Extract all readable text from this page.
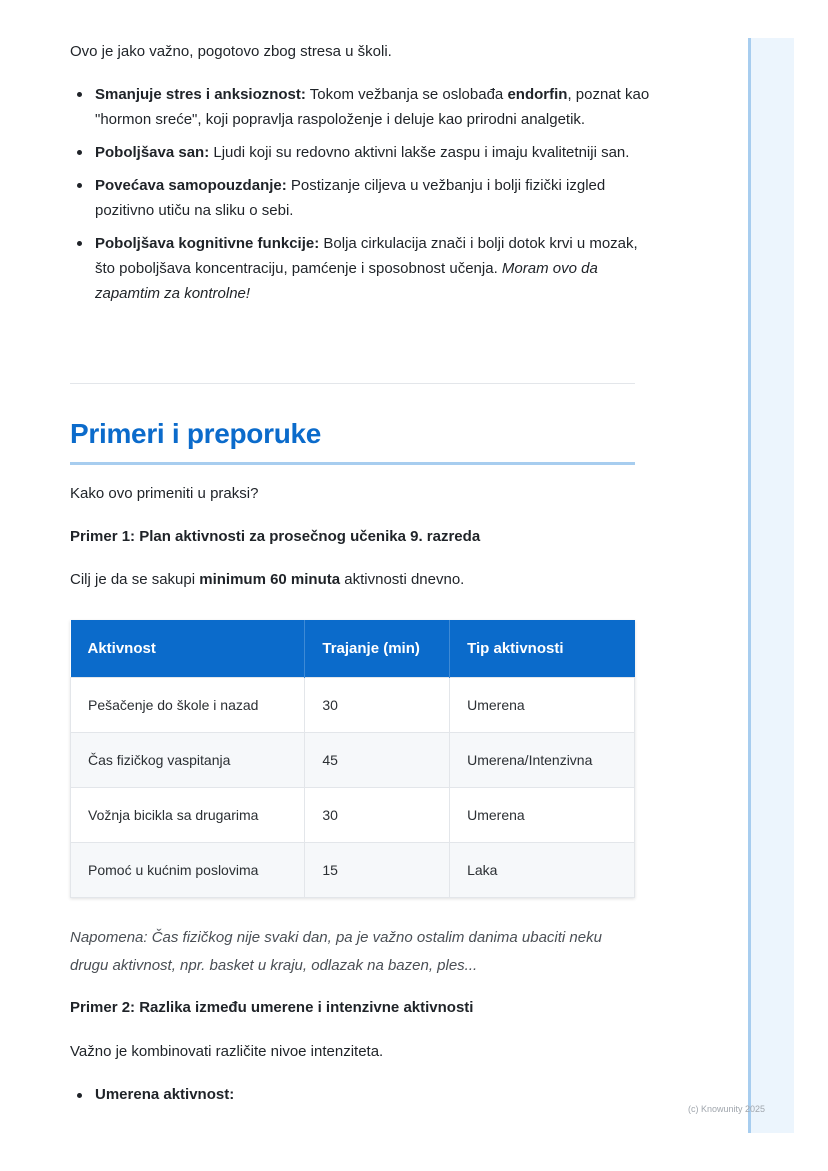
Ovo je jako važno, pogotovo zbog stresa u školi.

Smanjuje stres i anksioznost: Tokom vežbanja se oslobađa endorfin, poznat kao "hormon sreće", koji popravlja raspoloženje i deluje kao prirodni analgetik.
Poboljšava san: Ljudi koji su redovno aktivni lakše zaspu i imaju kvalitetniji san.
Povećava samopouzdanje: Postizanje ciljeva u vežbanju i bolji fizički izgled pozitivno utiču na sliku o sebi.
Poboljšava kognitivne funkcije: Bolja cirkulacija znači i bolji dotok krvi u mozak, što poboljšava koncentraciju, pamćenje i sposobnost učenja. Moram ovo da zapamtim za kontrolne!
Primeri i preporuke

Kako ovo primeniti u praksi?

Primer 1: Plan aktivnosti za prosečnog učenika 9. razreda

Cilj je da se sakupi minimum 60 minuta aktivnosti dnevno.

Aktivnost	Trajanje (min)	Tip aktivnosti
Pešačenje do škole i nazad	30	Umerena
Čas fizičkog vaspitanja	45	Umerena/Intenzivna
Vožnja bicikla sa drugarima	30	Umerena
Pomoć u kućnim poslovima	15	Laka

Napomena: Čas fizičkog nije svaki dan, pa je važno ostalim danima ubaciti neku drugu aktivnost, npr. basket u kraju, odlazak na bazen, ples...

Primer 2: Razlika između umerene i intenzivne aktivnosti

Važno je kombinovati različite nivoe intenziteta.

Umerena aktivnost:
(c) Knowunity 2025
